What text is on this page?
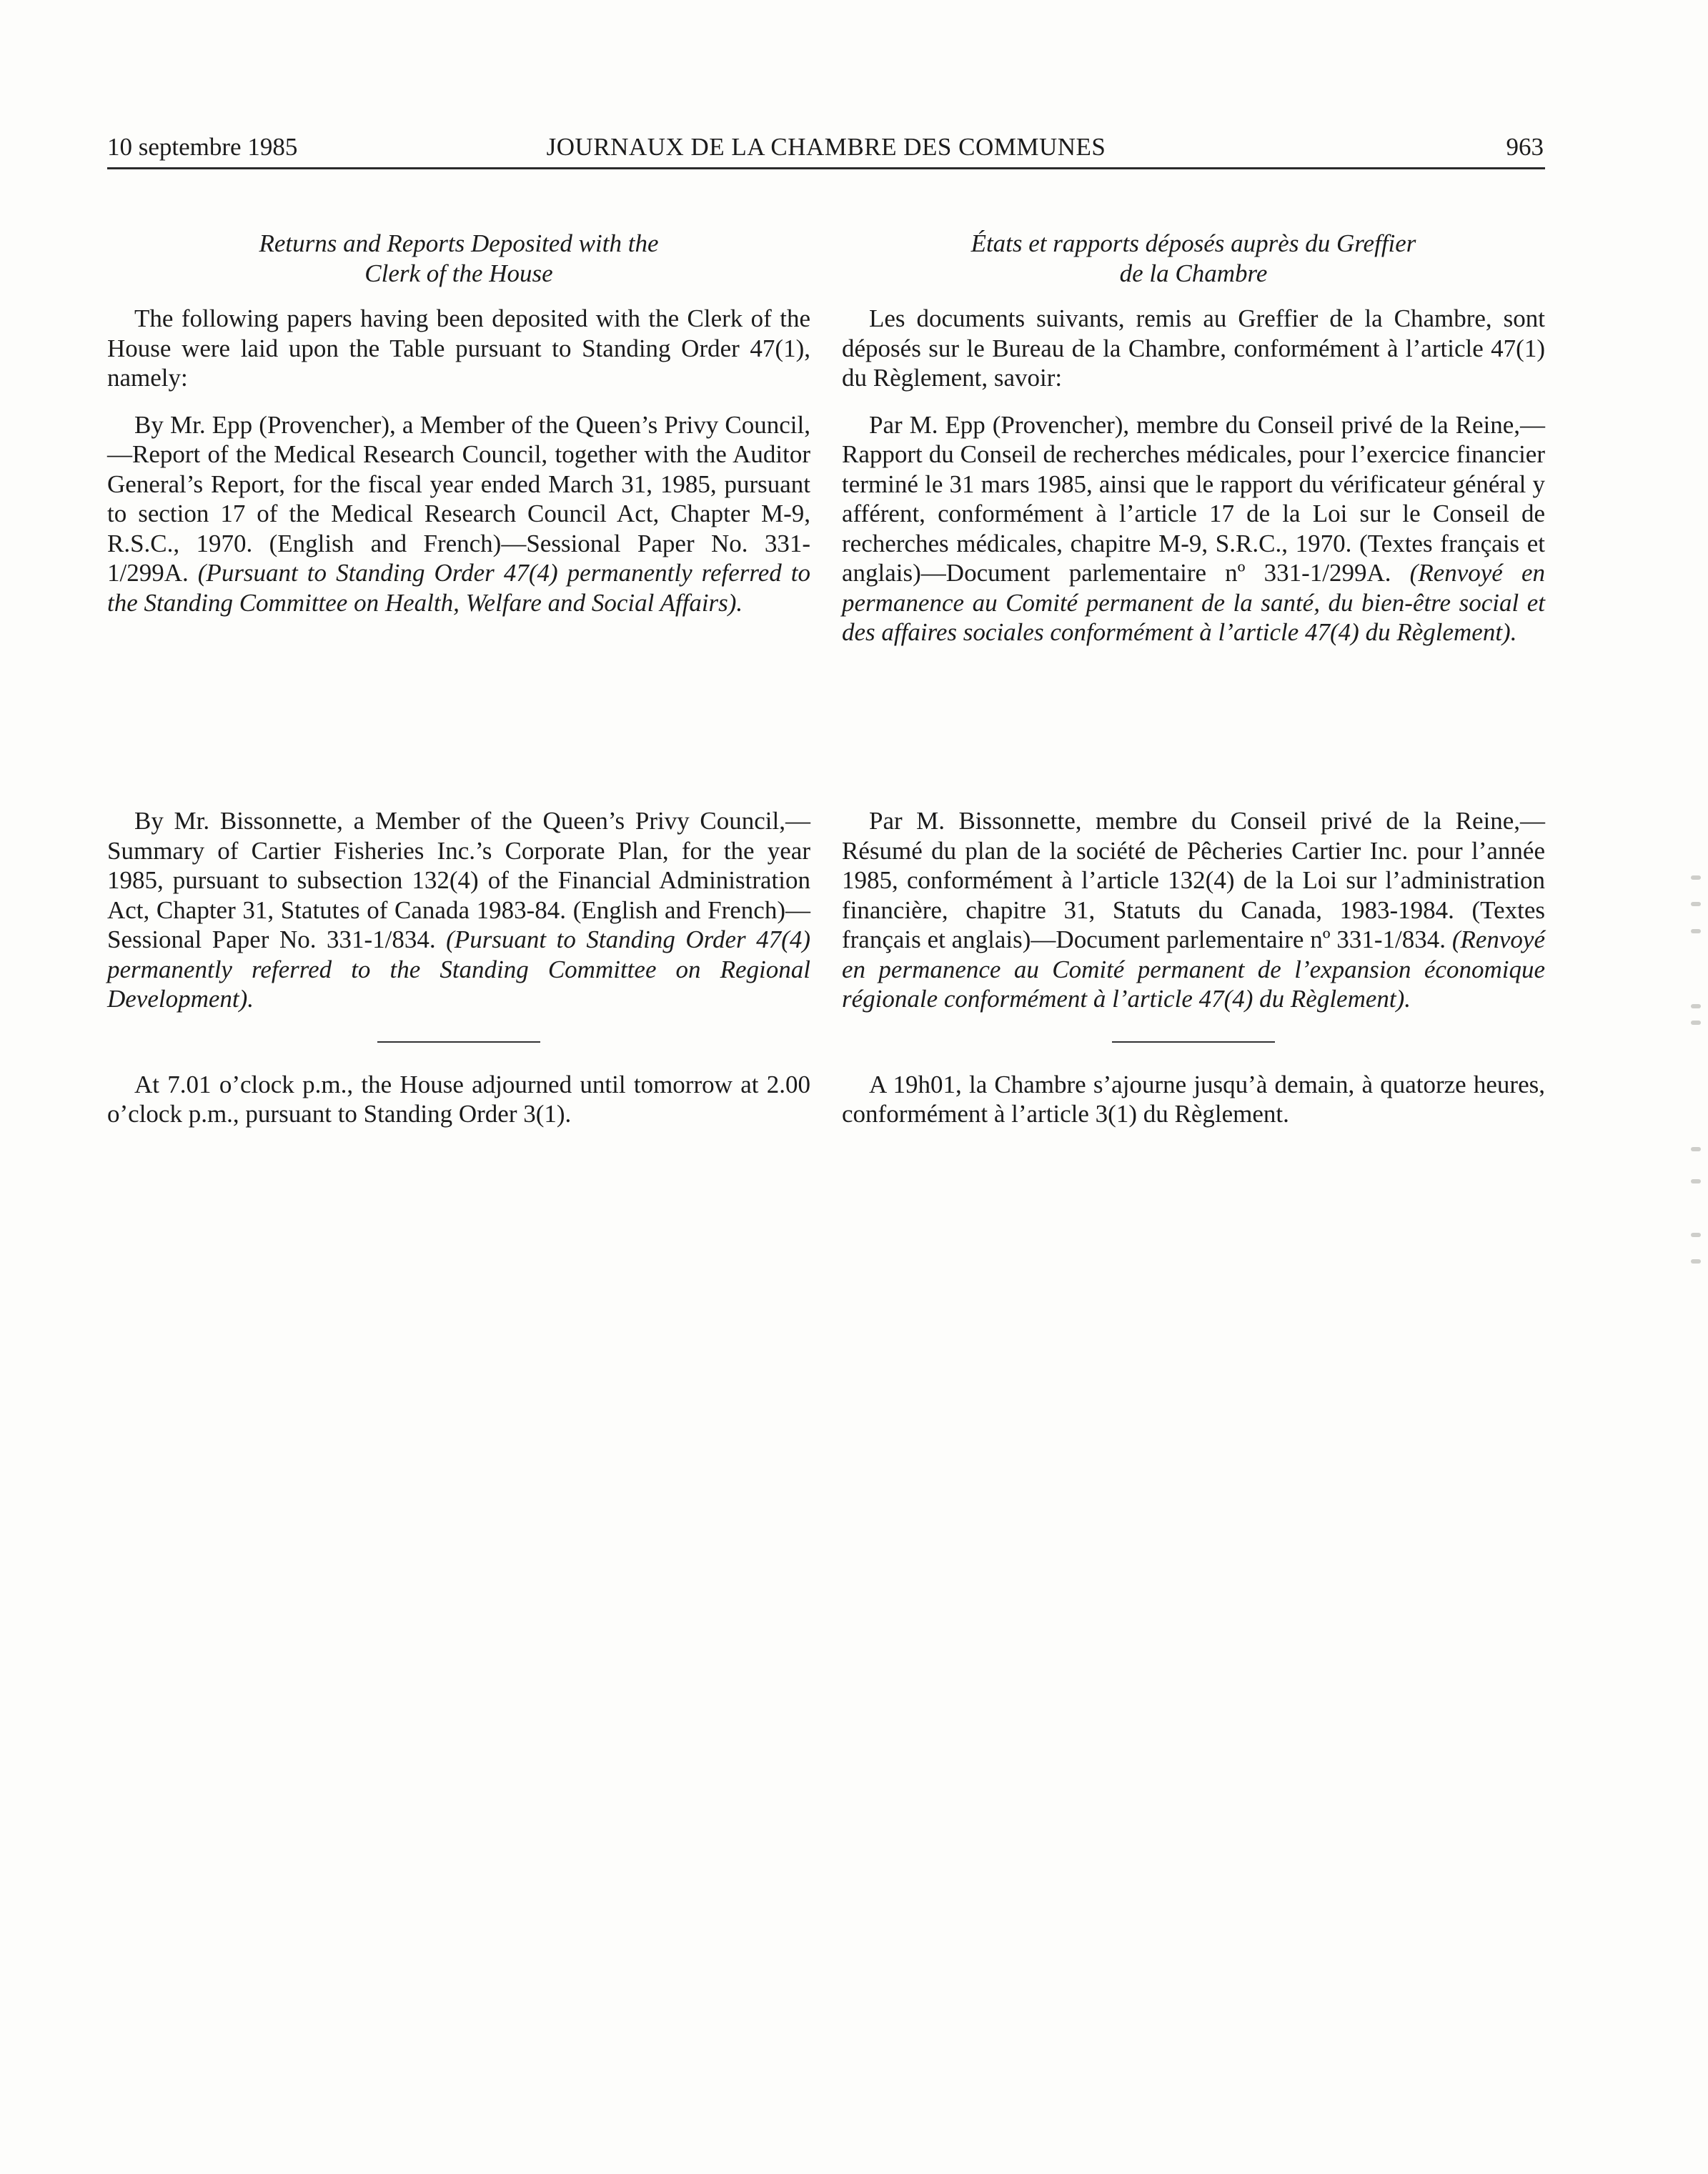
10 septembre 1985	JOURNAUX DE LA CHAMBRE DES COMMUNES	963

Returns and Reports Deposited with the
Clerk of the House

The following papers having been deposited with the Clerk of the House were laid upon the Table pursuant to Standing Order 47(1), namely:

By Mr. Epp (Provencher), a Member of the Queen’s Privy Council,—Report of the Medical Research Council, together with the Auditor General’s Report, for the fiscal year ended March 31, 1985, pursuant to section 17 of the Medical Research Council Act, Chapter M-9, R.S.C., 1970. (English and French)—Sessional Paper No. 331-1/299A. (Pursuant to Standing Order 47(4) permanently referred to the Standing Committee on Health, Welfare and Social Affairs).

By Mr. Bissonnette, a Member of the Queen’s Privy Council,—Summary of Cartier Fisheries Inc.’s Corporate Plan, for the year 1985, pursuant to subsection 132(4) of the Financial Administration Act, Chapter 31, Statutes of Canada 1983-84. (English and French)—Sessional Paper No. 331-1/834. (Pursuant to Standing Order 47(4) permanently referred to the Standing Committee on Regional Development).

At 7.01 o’clock p.m., the House adjourned until tomorrow at 2.00 o’clock p.m., pursuant to Standing Order 3(1).

États et rapports déposés auprès du Greffier
de la Chambre

Les documents suivants, remis au Greffier de la Chambre, sont déposés sur le Bureau de la Chambre, conformément à l’article 47(1) du Règlement, savoir:

Par M. Epp (Provencher), membre du Conseil privé de la Reine,—Rapport du Conseil de recherches médicales, pour l’exercice financier terminé le 31 mars 1985, ainsi que le rapport du vérificateur général y afférent, conformément à l’article 17 de la Loi sur le Conseil de recherches médicales, chapitre M-9, S.R.C., 1970. (Textes français et anglais)—Document parlementaire nº 331-1/299A. (Renvoyé en permanence au Comité permanent de la santé, du bien-être social et des affaires sociales conformément à l’article 47(4) du Règlement).

Par M. Bissonnette, membre du Conseil privé de la Reine,—Résumé du plan de la société de Pêcheries Cartier Inc. pour l’année 1985, conformément à l’article 132(4) de la Loi sur l’administration financière, chapitre 31, Statuts du Canada, 1983-1984. (Textes français et anglais)—Document parlementaire nº 331-1/834. (Renvoyé en permanence au Comité permanent de l’expansion économique régionale conformément à l’article 47(4) du Règlement).

A 19h01, la Chambre s’ajourne jusqu’à demain, à quatorze heures, conformément à l’article 3(1) du Règlement.
